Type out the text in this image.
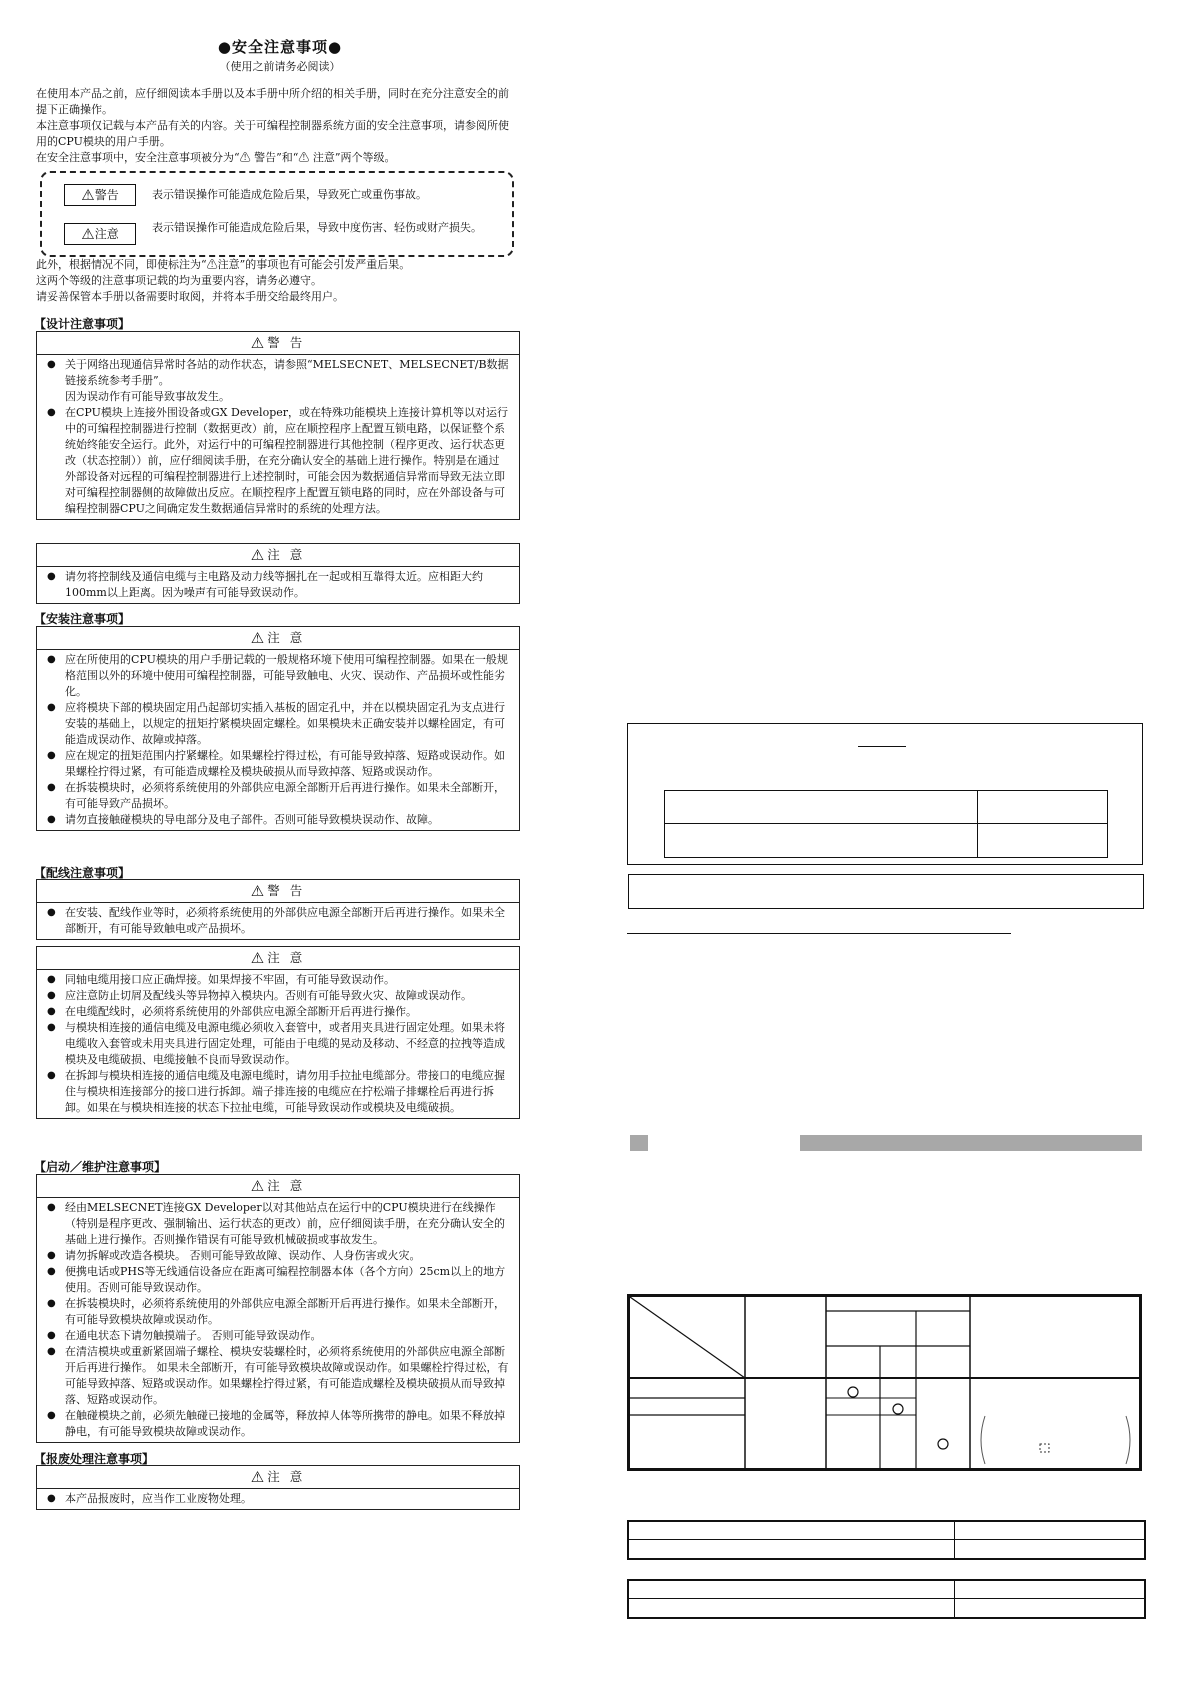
●安全注意事项●
（使用之前请务必阅读）

在使用本产品之前，应仔细阅读本手册以及本手册中所介绍的相关手册，同时在充分注意安全的前提下正确操作。

本注意事项仅记载与本产品有关的内容。关于可编程控制器系统方面的安全注意事项，请参阅所使用的CPU模块的用户手册。

在安全注意事项中，安全注意事项被分为“⚠ 警告”和“⚠ 注意”两个等级。

⚠警告	表示错误操作可能造成危险后果，导致死亡或重伤事故。
⚠注意	表示错误操作可能造成危险后果，导致中度伤害、轻伤或财产损失。

此外，根据情况不同，即使标注为“⚠注意”的事项也有可能会引发严重后果。

这两个等级的注意事项记载的均为重要内容，请务必遵守。

请妥善保管本手册以备需要时取阅，并将本手册交给最终用户。

【设计注意事项】
⚠警 告
● 关于网络出现通信异常时各站的动作状态，请参照“MELSECNET、MELSECNET/B数据链接系统参考手册”。
因为误动作有可能导致事故发生。
● 在CPU模块上连接外围设备或GX Developer，或在特殊功能模块上连接计算机等以对运行中的可编程控制器进行控制（数据更改）前，应在顺控程序上配置互锁电路，以保证整个系统始终能安全运行。此外，对运行中的可编程控制器进行其他控制（程序更改、运行状态更改（状态控制））前，应仔细阅读手册，在充分确认安全的基础上进行操作。特别是在通过外部设备对远程的可编程控制器进行上述控制时，可能会因为数据通信异常而导致无法立即对可编程控制器侧的故障做出反应。在顺控程序上配置互锁电路的同时，应在外部设备与可编程控制器CPU之间确定发生数据通信异常时的系统的处理方法。
⚠注 意
● 请勿将控制线及通信电缆与主电路及动力线等捆扎在一起或相互靠得太近。应相距大约100mm以上距离。因为噪声有可能导致误动作。
【安装注意事项】
⚠注 意
● 应在所使用的CPU模块的用户手册记载的一般规格环境下使用可编程控制器。如果在一般规格范围以外的环境中使用可编程控制器，可能导致触电、火灾、误动作、产品损坏或性能劣化。
● 应将模块下部的模块固定用凸起部切实插入基板的固定孔中，并在以模块固定孔为支点进行安装的基础上，以规定的扭矩拧紧模块固定螺栓。如果模块未正确安装并以螺栓固定，有可能造成误动作、故障或掉落。
● 应在规定的扭矩范围内拧紧螺栓。如果螺栓拧得过松，有可能导致掉落、短路或误动作。如果螺栓拧得过紧，有可能造成螺栓及模块破损从而导致掉落、短路或误动作。
● 在拆装模块时，必须将系统使用的外部供应电源全部断开后再进行操作。如果未全部断开，有可能导致产品损坏。
● 请勿直接触碰模块的导电部分及电子部件。否则可能导致模块误动作、故障。
【配线注意事项】
⚠警 告
● 在安装、配线作业等时，必须将系统使用的外部供应电源全部断开后再进行操作。如果未全部断开，有可能导致触电或产品损坏。
⚠注 意
● 同轴电缆用接口应正确焊接。如果焊接不牢固，有可能导致误动作。
● 应注意防止切屑及配线头等异物掉入模块内。否则有可能导致火灾、故障或误动作。
● 在电缆配线时，必须将系统使用的外部供应电源全部断开后再进行操作。
● 与模块相连接的通信电缆及电源电缆必须收入套管中，或者用夹具进行固定处理。如果未将电缆收入套管或未用夹具进行固定处理，可能由于电缆的晃动及移动、不经意的拉拽等造成模块及电缆破损、电缆接触不良而导致误动作。
● 在拆卸与模块相连接的通信电缆及电源电缆时，请勿用手拉扯电缆部分。带接口的电缆应握住与模块相连接部分的接口进行拆卸。端子排连接的电缆应在拧松端子排螺栓后再进行拆卸。如果在与模块相连接的状态下拉扯电缆，可能导致误动作或模块及电缆破损。
【启动／维护注意事项】
⚠注 意
● 经由MELSECNET连接GX Developer以对其他站点在运行中的CPU模块进行在线操作（特别是程序更改、强制输出、运行状态的更改）前，应仔细阅读手册，在充分确认安全的基础上进行操作。否则操作错误有可能导致机械破损或事故发生。
● 请勿拆解或改造各模块。 否则可能导致故障、误动作、人身伤害或火灾。
● 便携电话或PHS等无线通信设备应在距离可编程控制器本体（各个方向）25cm以上的地方使用。否则可能导致误动作。
● 在拆装模块时，必须将系统使用的外部供应电源全部断开后再进行操作。如果未全部断开，有可能导致模块故障或误动作。
● 在通电状态下请勿触摸端子。 否则可能导致误动作。
● 在清洁模块或重新紧固端子螺栓、模块安装螺栓时，必须将系统使用的外部供应电源全部断开后再进行操作。 如果未全部断开，有可能导致模块故障或误动作。如果螺栓拧得过松，有可能导致掉落、短路或误动作。如果螺栓拧得过紧，有可能造成螺栓及模块破损从而导致掉落、短路或误动作。
● 在触碰模块之前，必须先触碰已接地的金属等，释放掉人体等所携带的静电。如果不释放掉静电，有可能导致模块故障或误动作。
【报废处理注意事项】
⚠注 意
● 本产品报废时，应当作工业废物处理。
